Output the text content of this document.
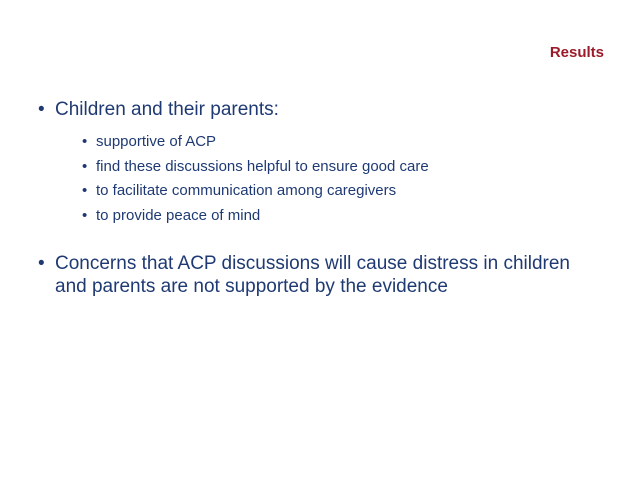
Results
• Children and their parents:
• supportive of ACP
• find these discussions helpful to ensure good care
• to facilitate communication among caregivers
• to provide peace of mind
• Concerns that ACP discussions will cause distress in children and parents are not supported by the evidence
